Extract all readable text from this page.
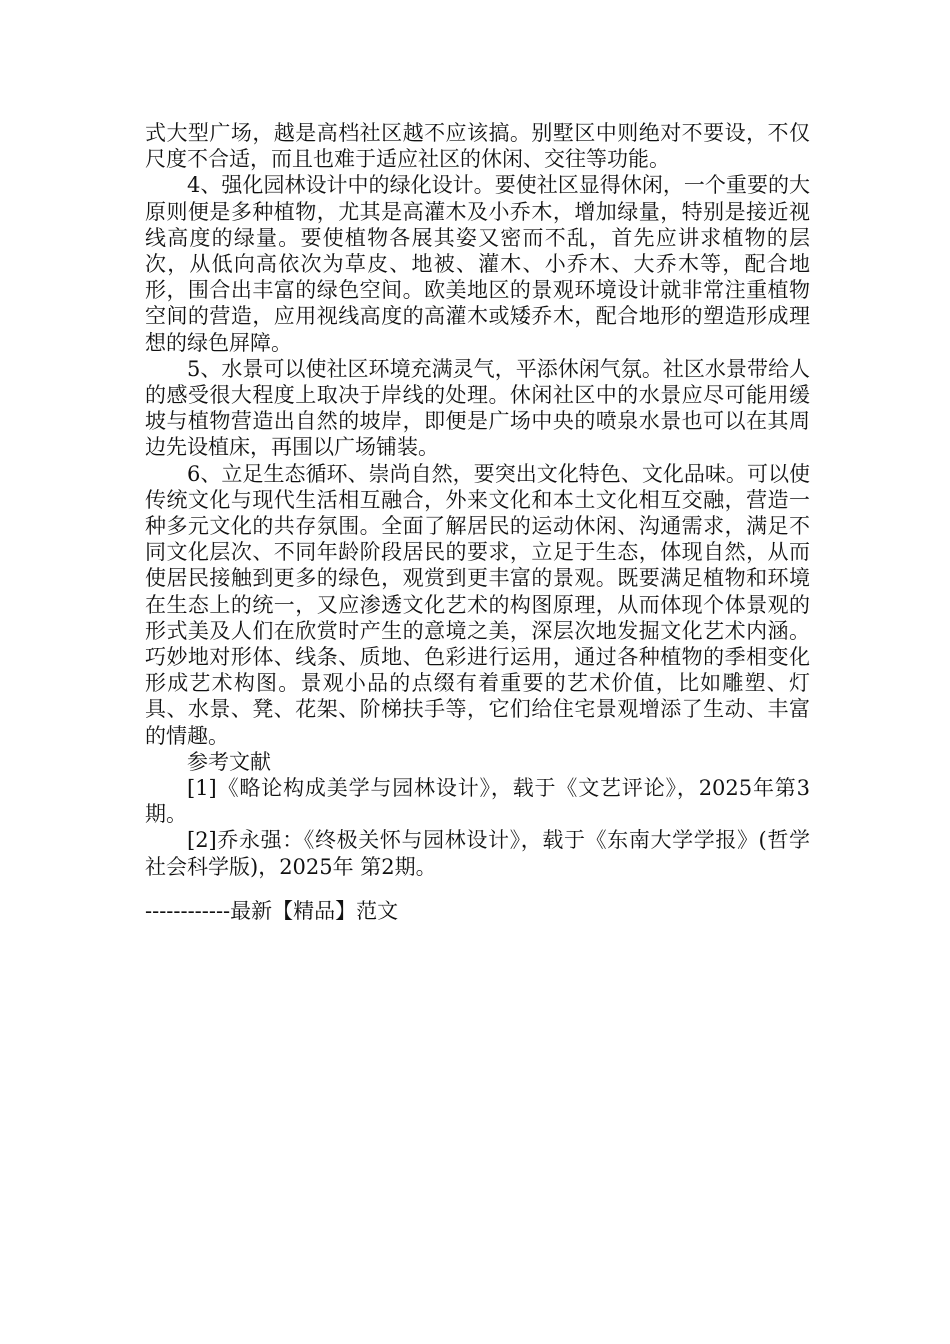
式大型广场，越是高档社区越不应该搞。别墅区中则绝对不要设，不仅尺度不合适，而且也难于适应社区的休闲、交往等功能。

4、强化园林设计中的绿化设计。要使社区显得休闲，一个重要的大原则便是多种植物，尤其是高灌木及小乔木，增加绿量，特别是接近视线高度的绿量。要使植物各展其姿又密而不乱，首先应讲求植物的层次，从低向高依次为草皮、地被、灌木、小乔木、大乔木等，配合地形，围合出丰富的绿色空间。欧美地区的景观环境设计就非常注重植物空间的营造，应用视线高度的高灌木或矮乔木，配合地形的塑造形成理想的绿色屏障。

5、水景可以使社区环境充满灵气，平添休闲气氛。社区水景带给人的感受很大程度上取决于岸线的处理。休闲社区中的水景应尽可能用缓坡与植物营造出自然的坡岸，即便是广场中央的喷泉水景也可以在其周边先设植床，再围以广场铺装。

6、立足生态循环、崇尚自然，要突出文化特色、文化品味。可以使传统文化与现代生活相互融合，外来文化和本土文化相互交融，营造一种多元文化的共存氛围。全面了解居民的运动休闲、沟通需求，满足不同文化层次、不同年龄阶段居民的要求，立足于生态，体现自然，从而使居民接触到更多的绿色，观赏到更丰富的景观。既要满足植物和环境在生态上的统一，又应渗透文化艺术的构图原理，从而体现个体景观的形式美及人们在欣赏时产生的意境之美，深层次地发掘文化艺术内涵。巧妙地对形体、线条、质地、色彩进行运用，通过各种植物的季相变化形成艺术构图。景观小品的点缀有着重要的艺术价值，比如雕塑、灯具、水景、凳、花架、阶梯扶手等，它们给住宅景观增添了生动、丰富的情趣。

参考文献

[1]《略论构成美学与园林设计》，载于《文艺评论》，2025年第3期。

[2]乔永强：《终极关怀与园林设计》，载于《东南大学学报》(哲学社会科学版)，2025年 第2期。

------------最新【精品】范文
